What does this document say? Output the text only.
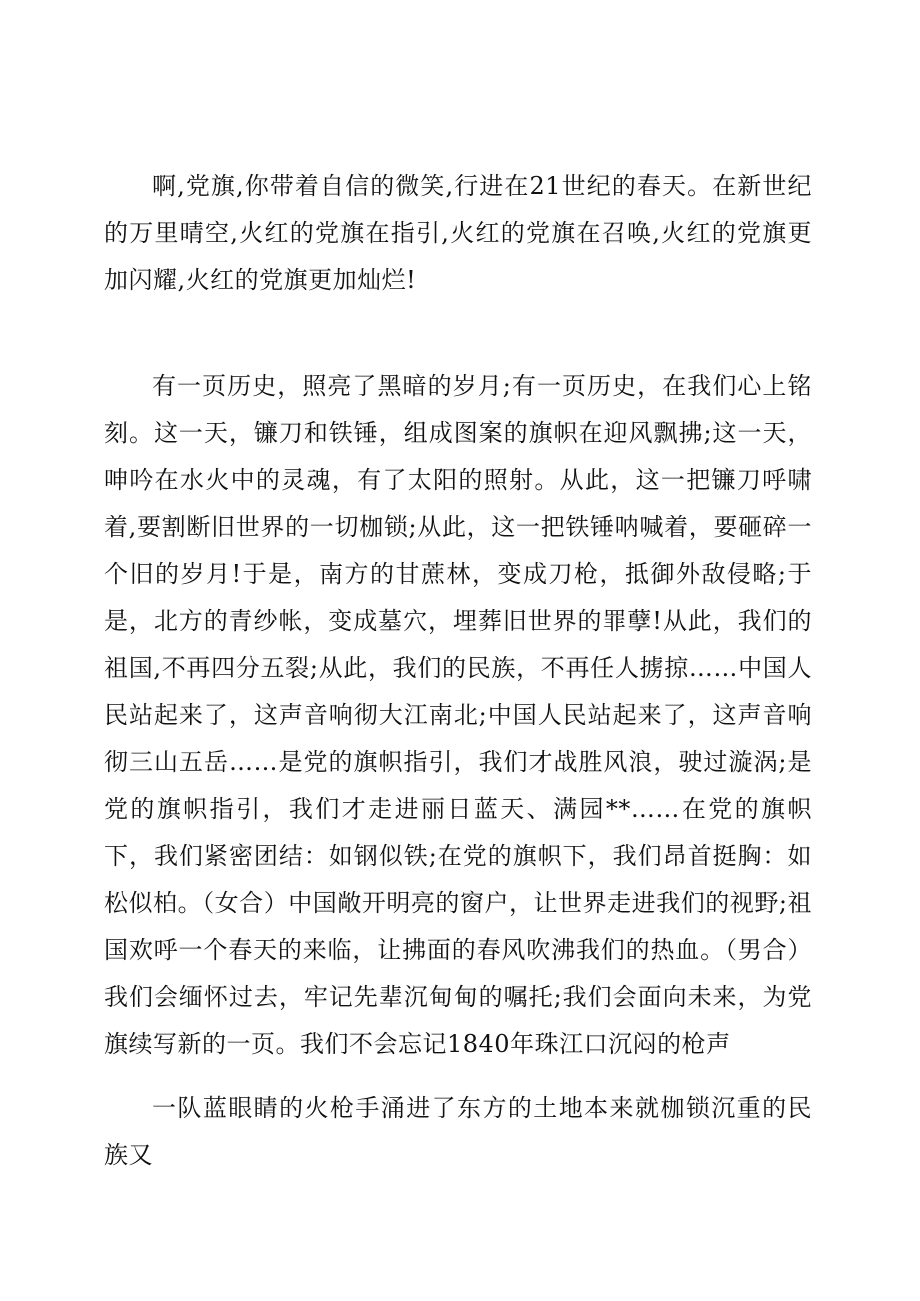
啊,党旗,你带着自信的微笑,行进在21世纪的春天。在新世纪的万里晴空,火红的党旗在指引,火红的党旗在召唤,火红的党旗更加闪耀,火红的党旗更加灿烂!

有一页历史，照亮了黑暗的岁月;有一页历史，在我们心上铭刻。这一天，镰刀和铁锤，组成图案的旗帜在迎风飘拂;这一天，呻吟在水火中的灵魂，有了太阳的照射。从此，这一把镰刀呼啸着,要割断旧世界的一切枷锁;从此，这一把铁锤呐喊着，要砸碎一个旧的岁月!于是，南方的甘蔗林，变成刀枪，抵御外敌侵略;于是，北方的青纱帐，变成墓穴，埋葬旧世界的罪孽!从此，我们的祖国,不再四分五裂;从此，我们的民族，不再任人掳掠……中国人民站起来了，这声音响彻大江南北;中国人民站起来了，这声音响彻三山五岳……是党的旗帜指引，我们才战胜风浪，驶过漩涡;是党的旗帜指引，我们才走进丽日蓝天、满园**……在党的旗帜下，我们紧密团结：如钢似铁;在党的旗帜下，我们昂首挺胸：如松似柏。（女合）中国敞开明亮的窗户，让世界走进我们的视野;祖国欢呼一个春天的来临，让拂面的春风吹沸我们的热血。（男合）我们会缅怀过去，牢记先辈沉甸甸的嘱托;我们会面向未来，为党旗续写新的一页。我们不会忘记1840年珠江口沉闷的枪声

一队蓝眼睛的火枪手涌进了东方的土地本来就枷锁沉重的民族又
